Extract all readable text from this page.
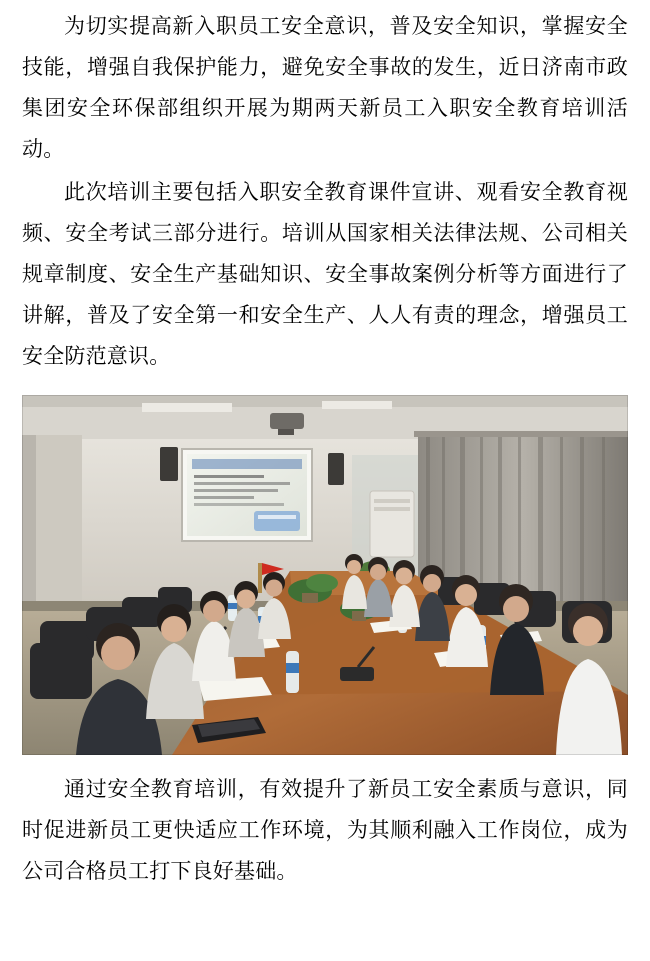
为切实提高新入职员工安全意识，普及安全知识，掌握安全技能，增强自我保护能力，避免安全事故的发生，近日济南市政集团安全环保部组织开展为期两天新员工入职安全教育培训活动。

此次培训主要包括入职安全教育课件宣讲、观看安全教育视频、安全考试三部分进行。培训从国家相关法律法规、公司相关规章制度、安全生产基础知识、安全事故案例分析等方面进行了讲解，普及了安全第一和安全生产、人人有责的理念，增强员工安全防范意识。

通过安全教育培训，有效提升了新员工安全素质与意识，同时促进新员工更快适应工作环境，为其顺利融入工作岗位，成为公司合格员工打下良好基础。
